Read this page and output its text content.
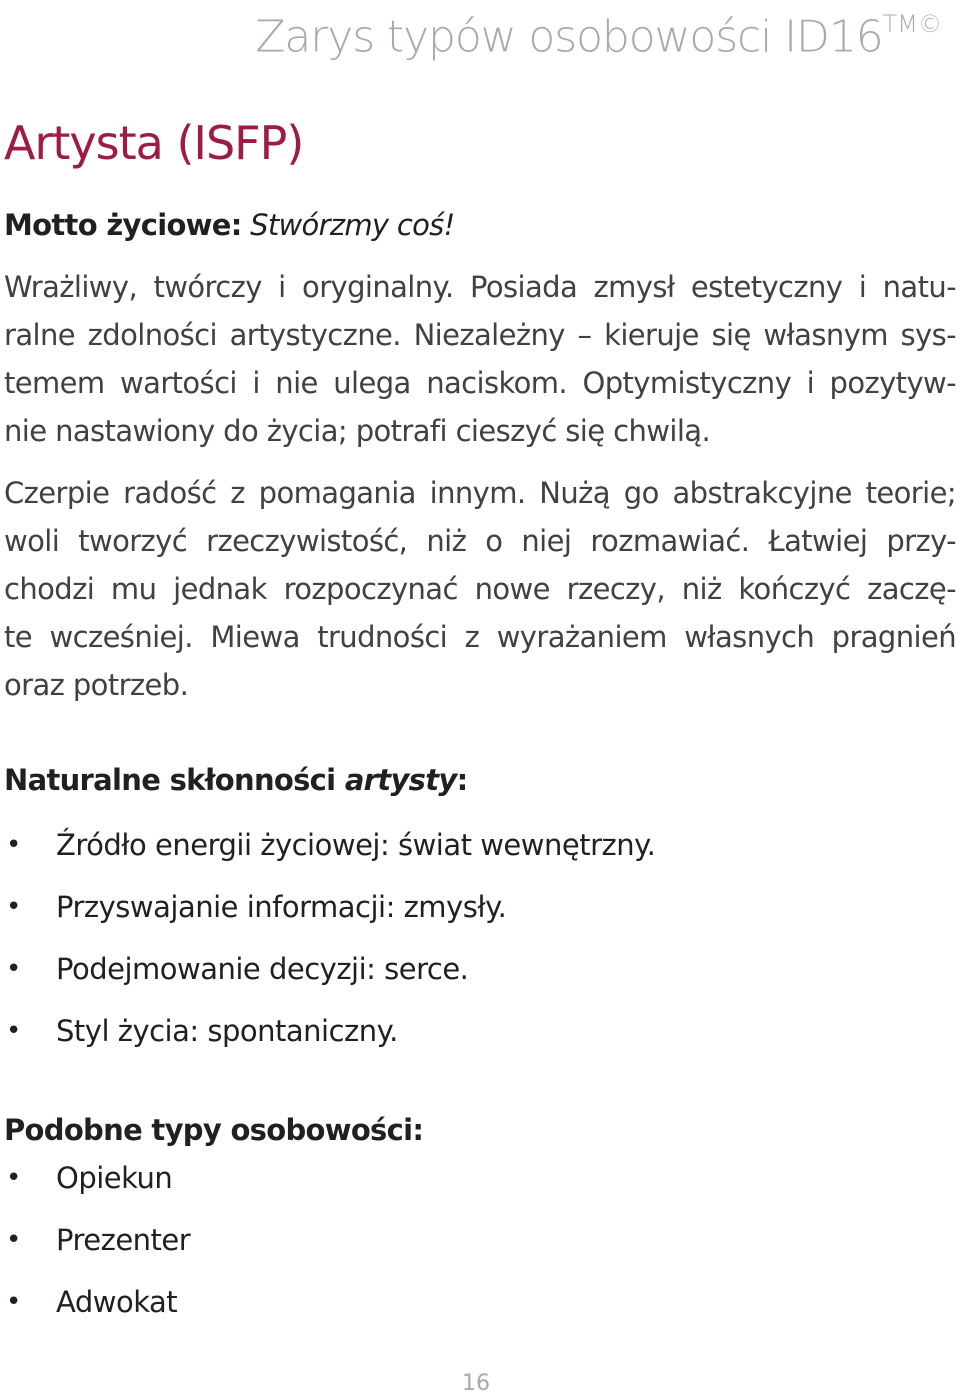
Zarys typów osobowości $ID16^{TM©}$
Artysta (ISFP)
Motto życiowe: Stwórzmy coś!
Wrażliwy, twórczy i oryginalny. Posiada zmysł estetyczny i natu-
ralne zdolności artystyczne. Niezależny – kieruje się własnym sys-
temem wartości i nie ulega naciskom. Optymistyczny i pozytyw-
nie nastawiony do życia; potrafi cieszyć się chwilą.
Czerpie radość z pomagania innym. Nużą go abstrakcyjne teorie;
woli tworzyć rzeczywistość, niż o niej rozmawiać. Łatwiej przy-
chodzi mu jednak rozpoczynać nowe rzeczy, niż kończyć zaczę-
te wcześniej. Miewa trudności z wyrażaniem własnych pragnień
oraz potrzeb.
Naturalne skłonności artysty:
• Źródło energii życiowej: świat wewnętrzny.
• Przyswajanie informacji: zmysły.
• Podejmowanie decyzji: serce.
• Styl życia: spontaniczny.
Podobne typy osobowości:
• Opiekun
• Prezenter
• Adwokat
16
